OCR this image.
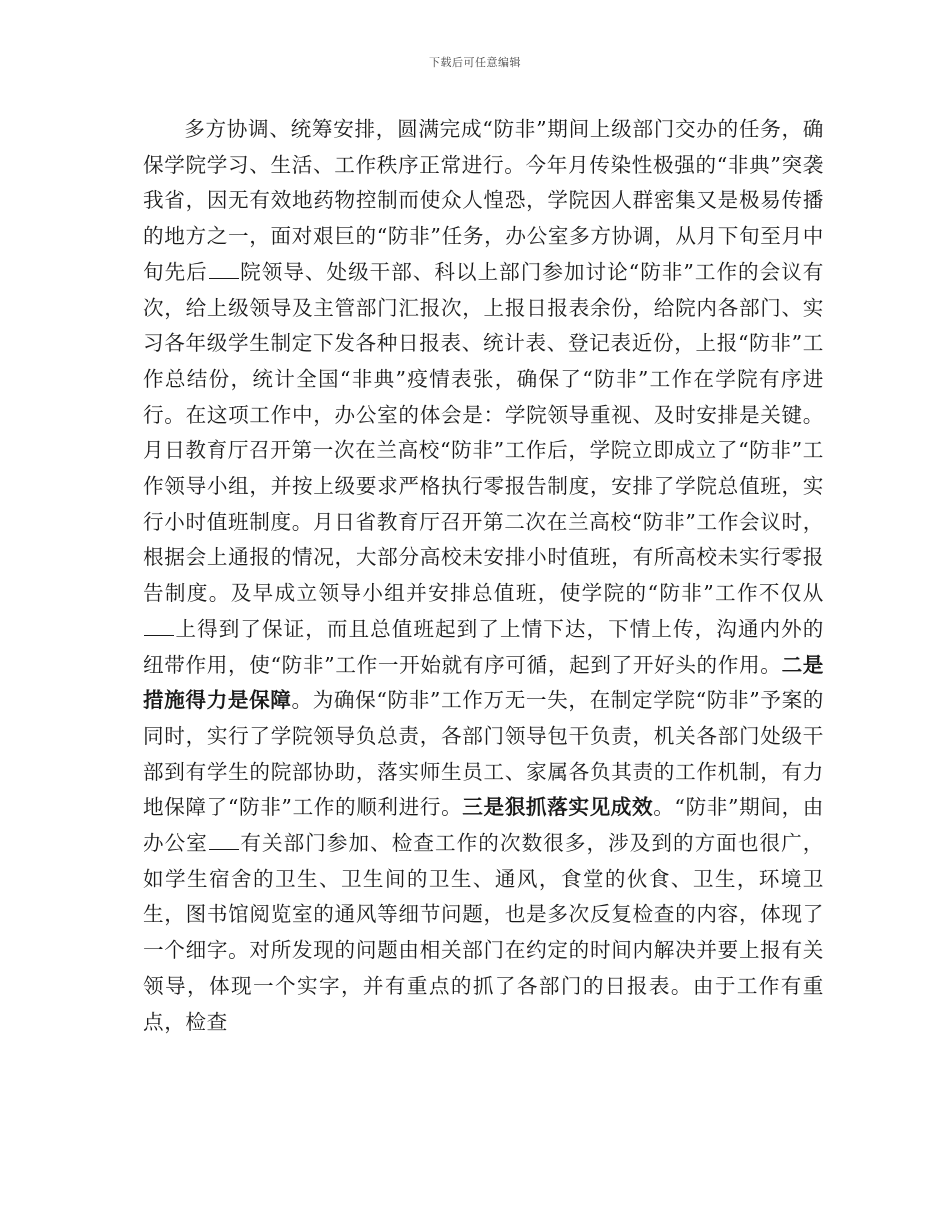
下载后可任意编辑

多方协调、统筹安排，圆满完成“防非”期间上级部门交办的任务，确保学院学习、生活、工作秩序正常进行。今年月传染性极强的“非典”突袭我省，因无有效地药物控制而使众人惶恐，学院因人群密集又是极易传播的地方之一，面对艰巨的“防非”任务，办公室多方协调，从月下旬至月中旬先后 院领导、处级干部、科以上部门参加讨论“防非”工作的会议有次，给上级领导及主管部门汇报次，上报日报表余份，给院内各部门、实习各年级学生制定下发各种日报表、统计表、登记表近份，上报“防非”工作总结份，统计全国“非典”疫情表张，确保了“防非”工作在学院有序进行。在这项工作中，办公室的体会是：学院领导重视、及时安排是关键。月日教育厅召开第一次在兰高校“防非”工作后，学院立即成立了“防非”工作领导小组，并按上级要求严格执行零报告制度，安排了学院总值班，实行小时值班制度。月日省教育厅召开第二次在兰高校“防非”工作会议时，根据会上通报的情况，大部分高校未安排小时值班，有所高校未实行零报告制度。及早成立领导小组并安排总值班，使学院的“防非”工作不仅从上得到了保证，而且总值班起到了上情下达，下情上传，沟通内外的纽带作用，使“防非”工作一开始就有序可循，起到了开好头的作用。二是措施得力是保障。为确保“防非”工作万无一失，在制定学院“防非”予案的同时，实行了学院领导负总责，各部门领导包干负责，机关各部门处级干部到有学生的院部协助，落实师生员工、家属各负其责的工作机制，有力地保障了“防非”工作的顺利进行。三是狠抓落实见成效。“防非”期间，由办公室 有关部门参加、检查工作的次数很多，涉及到的方面也很广，如学生宿舍的卫生、卫生间的卫生、通风，食堂的伙食、卫生，环境卫生，图书馆阅览室的通风等细节问题，也是多次反复检查的内容，体现了一个细字。对所发现的问题由相关部门在约定的时间内解决并要上报有关领导，体现一个实字，并有重点的抓了各部门的日报表。由于工作有重点，检查
